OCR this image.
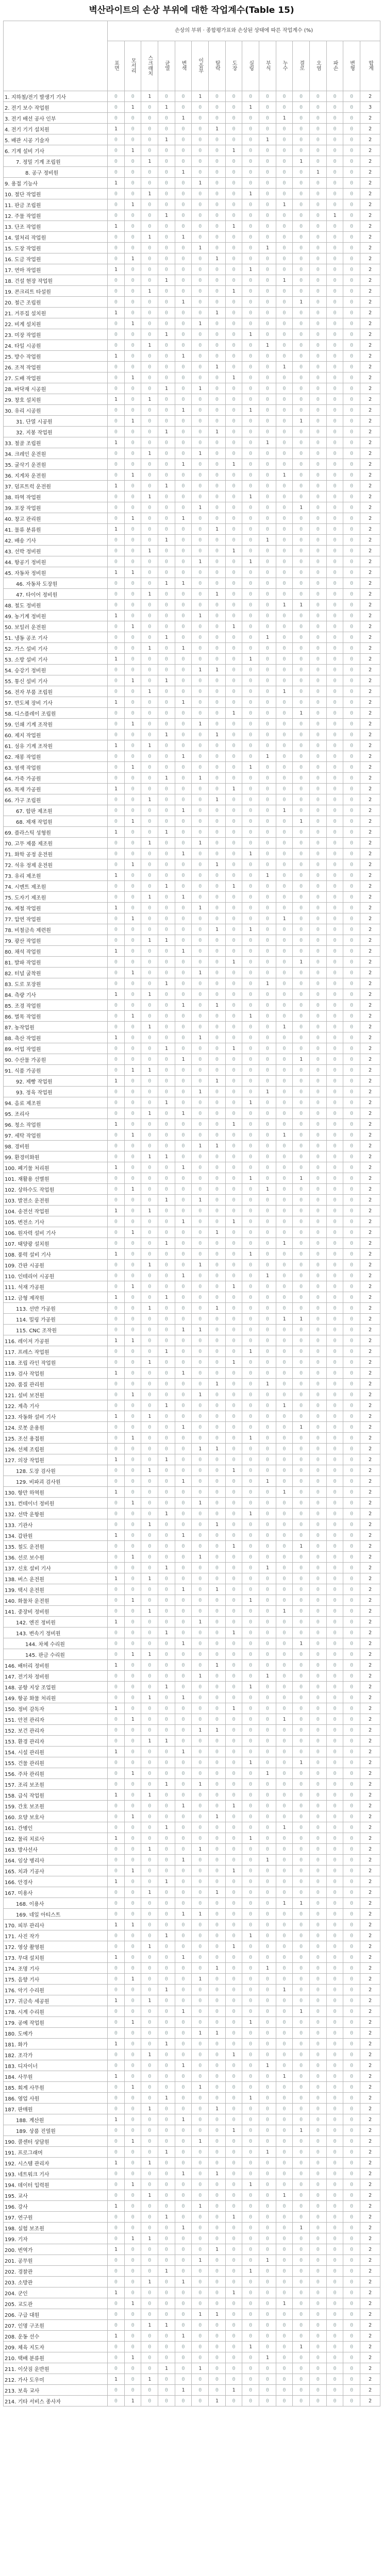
벽산라이트의 손상 부위에 대한 작업계수(Table 15)
	손상의 부위 · 종합평가표와 손상된 상태에 따른 작업계수 (%)															
	표면	모서리	스크래치	균열	변색	이음부	탈락	도장	실링	부식	누수	결로	오염	파손	변형	합계
1. 지하철/전기 발생기 기사	0	0	1	0	0	1	0	0	0	0	0	0	0	0	0	2
2. 전기 보수 작업원	0	1	0	1	0	0	0	0	1	0	0	0	0	0	0	3
3. 전기 배선 공사 인부	0	0	0	0	1	0	0	0	0	0	1	0	0	0	0	2
4. 전기 기기 설치원	1	0	0	0	0	0	1	0	0	0	0	0	0	0	0	2
5. 배관 시공 기술자	0	0	0	1	0	0	0	0	0	1	0	0	0	0	0	2
6. 기계 설비 기사	0	1	0	0	0	0	0	1	0	0	0	0	0	0	0	2
7. 정밀 기계 조립원	0	0	1	0	0	0	0	0	0	0	0	1	0	0	0	2
8. 공구 정비원	0	0	0	0	1	0	0	0	0	0	0	0	1	0	0	2
9. 용접 기능사	1	0	0	0	0	1	0	0	0	0	0	0	0	0	0	2
10. 절단 작업원	0	0	1	0	0	0	0	0	1	0	0	0	0	0	0	2
11. 판금 조립원	0	1	0	0	0	0	0	0	0	0	1	0	0	0	0	2
12. 주물 작업원	0	0	0	1	0	0	0	0	0	0	0	0	0	1	0	2
13. 단조 작업원	1	0	0	0	0	0	0	1	0	0	0	0	0	0	0	2
14. 열처리 작업원	0	0	1	0	1	0	0	0	0	0	0	0	0	0	0	2
15. 도장 작업원	0	0	0	0	0	1	0	0	0	1	0	0	0	0	0	2
16. 도금 작업원	0	1	0	0	0	0	1	0	0	0	0	0	0	0	0	2
17. 연마 작업원	1	0	0	0	0	0	0	0	1	0	0	0	0	0	0	2
18. 건설 현장 작업원	0	0	0	1	0	0	0	0	0	0	1	0	0	0	0	2
19. 콘크리트 타설원	0	0	1	0	0	0	0	1	0	0	0	0	0	0	0	2
20. 철근 조립원	0	0	0	0	1	0	0	0	0	0	0	1	0	0	0	2
21. 거푸집 설치원	1	0	0	0	0	0	1	0	0	0	0	0	0	0	0	2
22. 비계 설치원	0	1	0	0	0	1	0	0	0	0	0	0	0	0	0	2
23. 미장 작업원	0	0	0	1	0	0	0	0	1	0	0	0	0	0	0	2
24. 타일 시공원	0	0	1	0	0	0	0	0	0	1	0	0	0	0	0	2
25. 방수 작업원	1	0	0	0	1	0	0	0	0	0	0	0	0	0	0	2
26. 조적 작업원	0	0	0	0	0	0	1	0	0	0	1	0	0	0	0	2
27. 도배 작업원	0	1	0	0	0	0	0	1	0	0	0	0	0	0	0	2
28. 바닥재 시공원	0	0	0	1	0	1	0	0	0	0	0	0	0	0	0	2
29. 창호 설치원	1	0	1	0	0	0	0	0	0	0	0	0	0	0	0	2
30. 유리 시공원	0	0	0	0	1	0	0	0	1	0	0	0	0	0	0	2
31. 단열 시공원	0	1	0	0	0	0	0	0	0	0	0	1	0	0	0	2
32. 지붕 작업원	0	0	0	1	0	0	1	0	0	0	0	0	0	0	0	2
33. 철골 조립원	1	0	0	0	0	0	0	0	0	1	0	0	0	0	0	2
34. 크레인 운전원	0	0	1	0	0	1	0	0	0	0	0	0	0	0	0	2
35. 굴삭기 운전원	0	0	0	0	1	0	0	1	0	0	0	0	0	0	0	2
36. 지게차 운전원	0	1	0	0	0	0	0	0	0	0	1	0	0	0	0	2
37. 덤프트럭 운전원	1	0	0	1	0	0	0	0	0	0	0	0	0	0	0	2
38. 하역 작업원	0	0	1	0	0	0	0	0	1	0	0	0	0	0	0	2
39. 포장 작업원	0	0	0	0	0	1	0	0	0	0	0	1	0	0	0	2
40. 창고 관리원	0	1	0	0	1	0	0	0	0	0	0	0	0	0	0	2
41. 물류 분류원	1	0	0	0	0	0	1	0	0	0	0	0	0	0	0	2
42. 배송 기사	0	0	0	1	0	0	0	0	0	1	0	0	0	0	0	2
43. 선박 정비원	0	0	1	0	0	0	0	1	0	0	0	0	0	0	0	2
44. 항공기 정비원	0	0	0	0	0	1	0	0	1	0	0	0	0	0	0	2
45. 자동차 정비원	1	1	0	0	0	0	0	0	0	0	0	0	0	0	0	2
46. 자동차 도장원	0	0	0	1	1	0	0	0	0	0	0	0	0	0	0	2
47. 타이어 정비원	0	0	1	0	0	0	1	0	0	0	0	0	0	0	0	2
48. 철도 정비원	0	0	0	0	0	0	0	0	0	0	1	1	0	0	0	2
49. 농기계 정비원	1	0	0	0	0	1	0	0	0	0	0	0	0	0	0	2
50. 보일러 운전원	0	1	0	0	0	0	0	1	0	0	0	0	0	0	0	2
51. 냉동 공조 기사	0	0	0	1	0	0	0	0	0	1	0	0	0	0	0	2
52. 가스 설비 기사	0	0	1	0	1	0	0	0	0	0	0	0	0	0	0	2
53. 소방 설비 기사	1	0	0	0	0	0	0	0	1	0	0	0	0	0	0	2
54. 승강기 정비원	0	0	0	0	0	1	1	0	0	0	0	0	0	0	0	2
55. 통신 설비 기사	0	1	0	1	0	0	0	0	0	0	0	0	0	0	0	2
56. 전자 부품 조립원	0	0	1	0	0	0	0	0	0	0	1	0	0	0	0	2
57. 반도체 장비 기사	1	0	0	0	1	0	0	0	0	0	0	0	0	0	0	2
58. 디스플레이 조립원	0	0	0	0	0	0	0	1	0	0	0	1	0	0	0	2
59. 인쇄 기계 조작원	0	1	0	0	0	1	0	0	0	0	0	0	0	0	0	2
60. 제지 작업원	0	0	0	1	0	0	1	0	0	0	0	0	0	0	0	2
61. 섬유 기계 조작원	1	0	1	0	0	0	0	0	0	0	0	0	0	0	0	2
62. 재봉 작업원	0	0	0	0	1	0	0	0	0	1	0	0	0	0	0	2
63. 염색 작업원	0	1	0	0	0	0	0	0	1	0	0	0	0	0	0	2
64. 가죽 가공원	0	0	0	1	0	1	0	0	0	0	0	0	0	0	0	2
65. 목재 가공원	1	0	0	0	0	0	0	1	0	0	0	0	0	0	0	2
66. 가구 조립원	0	0	1	0	0	0	1	0	0	0	0	0	0	0	0	2
67. 합판 제조원	0	0	0	0	1	0	0	0	0	0	1	0	0	0	0	2
68. 제재 작업원	0	1	0	0	0	0	0	0	0	0	0	1	0	0	0	2
69. 플라스틱 성형원	1	0	0	1	0	0	0	0	0	0	0	0	0	0	0	2
70. 고무 제품 제조원	0	0	1	0	0	1	0	0	0	0	0	0	0	0	0	2
71. 화학 공정 운전원	0	0	0	0	1	0	0	0	1	0	0	0	0	0	0	2
72. 석유 정제 운전원	0	1	0	0	0	0	1	0	0	0	0	0	0	0	0	2
73. 유리 제조원	1	0	0	0	0	0	0	0	0	1	0	0	0	0	0	2
74. 시멘트 제조원	0	0	0	1	0	0	0	1	0	0	0	0	0	0	0	2
75. 도자기 제조원	0	0	1	0	1	0	0	0	0	0	0	0	0	0	0	2
76. 제철 작업원	1	0	0	0	0	1	0	0	0	0	0	0	0	0	0	2
77. 압연 작업원	0	1	0	0	0	0	0	0	0	0	1	0	0	0	0	2
78. 비철금속 제련원	0	0	0	0	0	0	1	0	1	0	0	0	0	0	0	2
79. 광산 작업원	0	0	1	1	0	0	0	0	0	0	0	0	0	0	0	2
80. 채석 작업원	1	0	0	0	1	0	0	0	0	0	0	0	0	0	0	2
81. 발파 작업원	0	0	0	0	0	0	0	1	0	0	0	1	0	0	0	2
82. 터널 굴착원	0	1	0	0	0	1	0	0	0	0	0	0	0	0	0	2
83. 도로 포장원	0	0	0	1	0	0	0	0	0	1	0	0	0	0	0	2
84. 측량 기사	1	0	1	0	0	0	0	0	0	0	0	0	0	0	0	2
85. 조경 작업원	0	0	0	0	1	0	1	0	0	0	0	0	0	0	0	2
86. 벌목 작업원	0	1	0	0	0	0	0	0	1	0	0	0	0	0	0	2
87. 농작업원	0	0	1	0	0	0	0	0	0	0	1	0	0	0	0	2
88. 축산 작업원	1	0	0	0	0	1	0	0	0	0	0	0	0	0	0	2
89. 어업 작업원	0	0	0	1	0	0	0	1	0	0	0	0	0	0	0	2
90. 수산물 가공원	0	0	0	0	1	0	0	0	0	0	0	1	0	0	0	2
91. 식품 가공원	0	1	1	0	0	0	0	0	0	0	0	0	0	0	0	2
92. 제빵 작업원	1	0	0	0	0	0	1	0	0	0	0	0	0	0	0	2
93. 정육 작업원	0	0	0	0	0	1	0	0	0	1	0	0	0	0	0	2
94. 음료 제조원	0	0	0	1	0	0	0	0	1	0	0	0	0	0	0	2
95. 조리사	0	0	1	0	1	0	0	0	0	0	0	0	0	0	0	2
96. 청소 작업원	1	0	0	0	0	0	0	1	0	0	0	0	0	0	0	2
97. 세탁 작업원	0	1	0	0	0	0	0	0	0	0	1	0	0	0	0	2
98. 경비원	0	0	0	0	0	1	1	0	0	0	0	0	0	0	0	2
99. 환경미화원	0	0	1	1	0	0	0	0	0	0	0	0	0	0	0	2
100. 폐기물 처리원	1	0	0	0	1	0	0	0	0	0	0	0	0	0	0	2
101. 재활용 선별원	0	0	0	0	0	0	0	0	1	0	0	1	0	0	0	2
102. 상하수도 작업원	0	1	0	0	0	0	0	0	0	1	0	0	0	0	0	2
103. 발전소 운전원	0	0	0	1	0	1	0	0	0	0	0	0	0	0	0	2
104. 송전선 작업원	1	0	1	0	0	0	0	0	0	0	0	0	0	0	0	2
105. 변전소 기사	0	0	0	0	1	0	0	1	0	0	0	0	0	0	0	2
106. 원자력 설비 기사	0	1	0	0	0	0	1	0	0	0	0	0	0	0	0	2
107. 태양광 설치원	0	0	0	1	0	0	0	0	0	0	1	0	0	0	0	2
108. 풍력 설비 기사	1	0	0	0	0	0	0	0	1	0	0	0	0	0	0	2
109. 간판 시공원	0	0	1	0	0	1	0	0	0	0	0	0	0	0	0	2
110. 인테리어 시공원	0	0	0	0	1	0	0	0	0	1	0	0	0	0	0	2
111. 석재 가공원	0	1	0	0	0	0	0	1	0	0	0	0	0	0	0	2
112. 금형 제작원	1	0	0	1	0	0	0	0	0	0	0	0	0	0	0	2
113. 선반 가공원	0	0	1	0	0	0	1	0	0	0	0	0	0	0	0	2
114. 밀링 가공원	0	0	0	0	0	0	0	0	0	0	1	1	0	0	0	2
115. CNC 조작원	0	0	0	0	1	1	0	0	0	0	0	0	0	0	0	2
116. 레이저 가공원	1	1	0	0	0	0	0	0	0	0	0	0	0	0	0	2
117. 프레스 작업원	0	0	0	1	0	0	0	0	1	0	0	0	0	0	0	2
118. 조립 라인 작업원	0	0	1	0	0	0	0	1	0	0	0	0	0	0	0	2
119. 검사 작업원	1	0	0	0	1	0	0	0	0	0	0	0	0	0	0	2
120. 품질 관리원	0	0	0	0	0	0	1	0	0	1	0	0	0	0	0	2
121. 설비 보전원	0	1	0	0	0	1	0	0	0	0	0	0	0	0	0	2
122. 계측 기사	0	0	0	1	0	0	0	0	0	0	1	0	0	0	0	2
123. 자동화 설비 기사	1	0	1	0	0	0	0	0	0	0	0	0	0	0	0	2
124. 로봇 운용원	0	0	0	0	1	0	0	0	0	0	0	1	0	0	0	2
125. 조선 용접원	0	1	0	0	0	0	0	0	1	0	0	0	0	0	0	2
126. 선체 조립원	0	0	0	0	0	1	1	0	0	0	0	0	0	0	0	2
127. 의장 작업원	1	0	0	1	0	0	0	0	0	0	0	0	0	0	0	2
128. 도장 검사원	0	0	1	0	0	0	0	1	0	0	0	0	0	0	0	2
129. 비파괴 검사원	0	0	0	0	1	0	0	0	0	1	0	0	0	0	0	2
130. 항만 하역원	1	0	0	0	0	0	0	0	0	0	1	0	0	0	0	2
131. 컨테이너 정비원	0	1	0	0	0	1	0	0	0	0	0	0	0	0	0	2
132. 선박 운항원	0	0	0	1	0	0	0	0	1	0	0	0	0	0	0	2
133. 기관사	0	0	1	0	0	0	1	0	0	0	0	0	0	0	0	2
134. 갑판원	1	0	0	0	1	0	0	0	0	0	0	0	0	0	0	2
135. 철도 운전원	0	0	0	0	0	0	0	1	0	0	0	1	0	0	0	2
136. 선로 보수원	0	1	0	0	0	1	0	0	0	0	0	0	0	0	0	2
137. 신호 설비 기사	0	0	0	1	0	0	0	0	0	1	0	0	0	0	0	2
138. 버스 운전원	1	0	1	0	0	0	0	0	0	0	0	0	0	0	0	2
139. 택시 운전원	0	0	0	0	1	0	1	0	0	0	0	0	0	0	0	2
140. 화물차 운전원	0	1	0	0	0	0	0	0	1	0	0	0	0	0	0	2
141. 중장비 정비원	0	0	1	0	0	0	0	0	0	0	1	0	0	0	0	2
142. 엔진 정비원	1	0	0	0	0	1	0	0	0	0	0	0	0	0	0	2
143. 변속기 정비원	0	0	0	1	0	0	0	1	0	0	0	0	0	0	0	2
144. 차체 수리원	0	0	0	0	1	0	0	0	0	0	0	1	0	0	0	2
145. 판금 수리원	0	1	1	0	0	0	0	0	0	0	0	0	0	0	0	2
146. 배터리 정비원	1	0	0	0	0	0	1	0	0	0	0	0	0	0	0	2
147. 전기차 정비원	0	0	0	0	0	1	0	0	0	1	0	0	0	0	0	2
148. 공항 지상 조업원	0	0	0	1	0	0	0	0	1	0	0	0	0	0	0	2
149. 항공 화물 처리원	0	0	1	0	1	0	0	0	0	0	0	0	0	0	0	2
150. 정비 감독자	1	0	0	0	0	0	0	1	0	0	0	0	0	0	0	2
151. 안전 관리자	0	1	0	0	0	0	0	0	0	0	1	0	0	0	0	2
152. 보건 관리자	0	0	0	0	0	1	1	0	0	0	0	0	0	0	0	2
153. 환경 관리자	0	0	1	1	0	0	0	0	0	0	0	0	0	0	0	2
154. 시설 관리원	1	0	0	0	1	0	0	0	0	0	0	0	0	0	0	2
155. 건물 관리원	0	0	0	0	0	0	0	0	1	0	0	1	0	0	0	2
156. 주차 관리원	0	1	0	0	0	0	0	0	0	1	0	0	0	0	0	2
157. 조리 보조원	0	0	0	1	0	1	0	0	0	0	0	0	0	0	0	2
158. 급식 작업원	1	0	1	0	0	0	0	0	0	0	0	0	0	0	0	2
159. 간호 보조원	0	0	0	0	1	0	0	1	0	0	0	0	0	0	0	2
160. 요양 보호사	0	1	0	0	0	0	1	0	0	0	0	0	0	0	0	2
161. 간병인	0	0	0	1	0	0	0	0	0	0	1	0	0	0	0	2
162. 물리 치료사	1	0	0	0	0	0	0	0	1	0	0	0	0	0	0	2
163. 방사선사	0	0	1	0	0	1	0	0	0	0	0	0	0	0	0	2
164. 임상 병리사	0	0	0	0	1	0	0	0	0	1	0	0	0	0	0	2
165. 치과 기공사	0	1	0	0	0	0	0	1	0	0	0	0	0	0	0	2
166. 안경사	1	0	0	1	0	0	0	0	0	0	0	0	0	0	0	2
167. 미용사	0	0	1	0	0	0	1	0	0	0	0	0	0	0	0	2
168. 이용사	0	0	0	0	0	0	0	0	0	0	1	1	0	0	0	2
169. 네일 아티스트	0	0	0	0	1	1	0	0	0	0	0	0	0	0	0	2
170. 피부 관리사	1	1	0	0	0	0	0	0	0	0	0	0	0	0	0	2
171. 사진 작가	0	0	0	1	0	0	0	0	1	0	0	0	0	0	0	2
172. 영상 촬영원	0	0	1	0	0	0	0	1	0	0	0	0	0	0	0	2
173. 무대 설치원	1	0	0	0	1	0	0	0	0	0	0	0	0	0	0	2
174. 조명 기사	0	0	0	0	0	0	1	0	0	1	0	0	0	0	0	2
175. 음향 기사	0	1	0	0	0	1	0	0	0	0	0	0	0	0	0	2
176. 악기 수리원	0	0	0	1	0	0	0	0	0	0	1	0	0	0	0	2
177. 귀금속 세공원	1	0	1	0	0	0	0	0	0	0	0	0	0	0	0	2
178. 시계 수리원	0	0	0	0	1	0	0	0	0	0	0	1	0	0	0	2
179. 공예 작업원	0	1	0	0	0	0	0	0	1	0	0	0	0	0	0	2
180. 도예가	0	0	0	0	0	1	1	0	0	0	0	0	0	0	0	2
181. 화가	1	0	0	1	0	0	0	0	0	0	0	0	0	0	0	2
182. 조각가	0	0	1	0	0	0	0	1	0	0	0	0	0	0	0	2
183. 디자이너	0	0	0	0	1	0	0	0	0	1	0	0	0	0	0	2
184. 사무원	1	0	0	0	0	0	0	0	0	0	1	0	0	0	0	2
185. 회계 사무원	0	1	0	0	0	1	0	0	0	0	0	0	0	0	0	2
186. 영업 사원	0	0	0	1	0	0	0	0	1	0	0	0	0	0	0	2
187. 판매원	0	0	1	0	0	0	1	0	0	0	0	0	0	0	0	2
188. 계산원	1	0	0	0	1	0	0	0	0	0	0	0	0	0	0	2
189. 상품 진열원	0	0	0	0	0	0	0	1	0	0	0	1	0	0	0	2
190. 콜센터 상담원	0	1	0	0	0	1	0	0	0	0	0	0	0	0	0	2
191. 프로그래머	0	0	0	1	0	0	0	0	0	1	0	0	0	0	0	2
192. 시스템 관리자	1	0	1	0	0	0	0	0	0	0	0	0	0	0	0	2
193. 네트워크 기사	0	0	0	0	1	0	1	0	0	0	0	0	0	0	0	2
194. 데이터 입력원	0	1	0	0	0	0	0	0	1	0	0	0	0	0	0	2
195. 교사	0	0	1	0	0	0	0	0	0	0	1	0	0	0	0	2
196. 강사	1	0	0	0	0	1	0	0	0	0	0	0	0	0	0	2
197. 연구원	0	0	0	1	0	0	0	1	0	0	0	0	0	0	0	2
198. 실험 보조원	0	0	0	0	1	0	0	0	0	0	0	1	0	0	0	2
199. 기자	0	1	1	0	0	0	0	0	0	0	0	0	0	0	0	2
200. 번역가	1	0	0	0	0	0	1	0	0	0	0	0	0	0	0	2
201. 공무원	0	0	0	0	0	1	0	0	0	1	0	0	0	0	0	2
202. 경찰관	0	0	0	1	0	0	0	0	1	0	0	0	0	0	0	2
203. 소방관	0	0	1	0	1	0	0	0	0	0	0	0	0	0	0	2
204. 군인	1	0	0	0	0	0	0	1	0	0	0	0	0	0	0	2
205. 교도관	0	1	0	0	0	0	0	0	0	0	1	0	0	0	0	2
206. 구급 대원	0	0	0	0	0	1	1	0	0	0	0	0	0	0	0	2
207. 인명 구조원	0	0	1	1	0	0	0	0	0	0	0	0	0	0	0	2
208. 운동 선수	1	0	0	0	1	0	0	0	0	0	0	0	0	0	0	2
209. 체육 지도자	0	0	0	0	0	0	0	0	1	0	0	1	0	0	0	2
210. 택배 분류원	0	1	0	0	0	0	0	0	0	1	0	0	0	0	0	2
211. 이삿짐 운반원	0	0	0	1	0	1	0	0	0	0	0	0	0	0	0	2
212. 가사 도우미	1	0	1	0	0	0	0	0	0	0	0	0	0	0	0	2
213. 보육 교사	0	0	0	0	1	0	0	1	0	0	0	0	0	0	0	2
214. 기타 서비스 종사자	0	1	0	0	0	0	1	0	0	0	0	0	0	0	0	2
